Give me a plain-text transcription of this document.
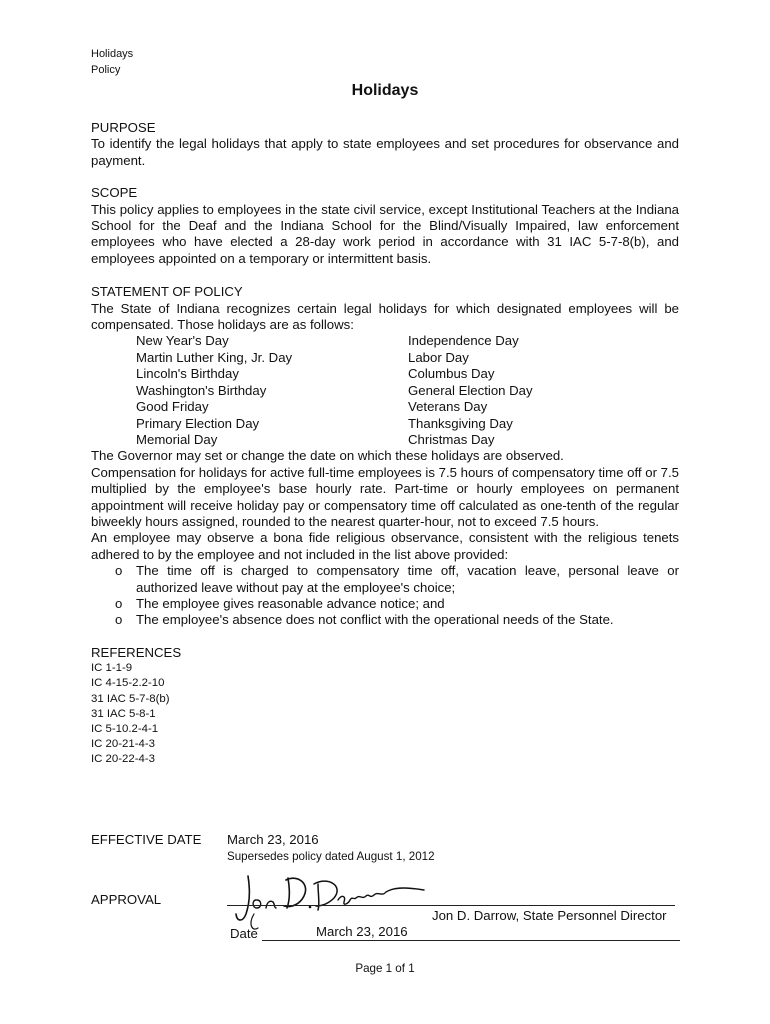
Holidays
Policy
Holidays
PURPOSE

To identify the legal holidays that apply to state employees and set procedures for observance and payment.

SCOPE

This policy applies to employees in the state civil service, except Institutional Teachers at the Indiana School for the Deaf and the Indiana School for the Blind/Visually Impaired, law enforcement employees who have elected a 28-day work period in accordance with 31 IAC 5-7-8(b), and employees appointed on a temporary or intermittent basis.

STATEMENT OF POLICY

The State of Indiana recognizes certain legal holidays for which designated employees will be compensated. Those holidays are as follows:

New Year's Day	Independence Day
Martin Luther King, Jr. Day	Labor Day
Lincoln's Birthday	Columbus Day
Washington's Birthday	General Election Day
Good Friday	Veterans Day
Primary Election Day	Thanksgiving Day
Memorial Day	Christmas Day

The Governor may set or change the date on which these holidays are observed.

Compensation for holidays for active full-time employees is 7.5 hours of compensatory time off or 7.5 multiplied by the employee's base hourly rate. Part-time or hourly employees on permanent appointment will receive holiday pay or compensatory time off calculated as one-tenth of the regular biweekly hours assigned, rounded to the nearest quarter-hour, not to exceed 7.5 hours.

An employee may observe a bona fide religious observance, consistent with the religious tenets adhered to by the employee and not included in the list above provided:

o The time off is charged to compensatory time off, vacation leave, personal leave or authorized leave without pay at the employee's choice;
o The employee gives reasonable advance notice; and
o The employee's absence does not conflict with the operational needs of the State.
REFERENCES
IC 1-1-9
IC 4-15-2.2-10
31 IAC 5-7-8(b)
31 IAC 5-8-1
IC 5-10.2-4-1
IC 20-21-4-3
IC 20-22-4-3
EFFECTIVE DATE March 23, 2016
Supersedes policy dated August 1, 2012
APPROVAL
Jon D. Darrow, State Personnel Director
Date	March 23, 2016
Page 1 of 1
